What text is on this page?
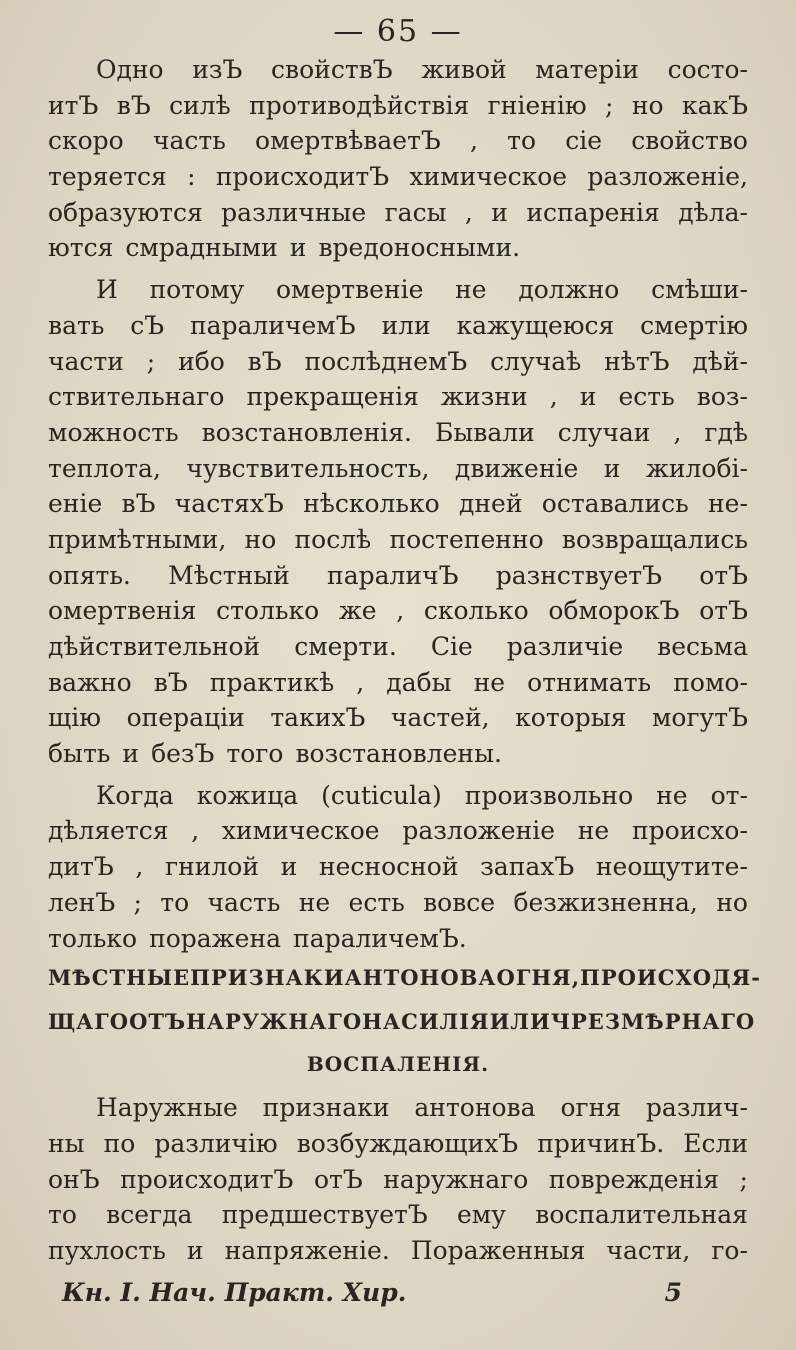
— 65 —
Одно изЪ свойствЪ живой матеріи состо-
итЪ вЪ силѣ противодѣйствія гніенію ; но какЪ
скоро часть омертвѣваетЪ , то сіе свойство
теряется : происходитЪ химическое разложеніе,
образуются различные гасы , и испаренія дѣла-
ются смрадными и вредоносными.
И потому омертвеніе не должно смѣши-
вать сЪ параличемЪ или кажущеюся смертію
части ; ибо вЪ послѣднемЪ случаѣ нѣтЪ дѣй-
ствительнаго прекращенія жизни , и есть воз-
можность возстановленія. Бывали случаи , гдѣ
теплота, чувствительность, движеніе и жилобі-
еніе вЪ частяхЪ нѣсколько дней оставались не-
примѣтными, но послѣ постепенно возвращались
опять. Мѣстный параличЪ разнствуетЪ отЪ
омертвенія столько же , сколько обморокЪ отЪ
дѣйствительной смерти. Сіе различіе весьма
важно вЪ практикѣ , дабы не отнимать помо-
щію операціи такихЪ частей, которыя могутЪ
быть и безЪ того возстановлены.
Когда кожица (cuticula) произвольно не от-
дѣляется , химическое разложеніе не происхо-
дитЪ , гнилой и несносной запахЪ неощутите-
ленЪ ; то часть не есть вовсе безжизненна, но
только поражена параличемЪ.
МѢСТНЫЕ ПРИЗНАКИ АНТОНОВА ОГНЯ , ПРОИСХОДЯ-
ЩАГО ОТЪ НАРУЖНАГО НАСИЛІЯ ИЛИ ЧРЕЗМѢРНАГО
ВОСПАЛЕНІЯ.
Наружные признаки антонова огня различ-
ны по различію возбуждающихЪ причинЪ. Если
онЪ происходитЪ отЪ наружнаго поврежденія ;
то всегда предшествуетЪ ему воспалительная
пухлость и напряженіе. Пораженныя части, го-
Кн. I. Нач. Практ. Хир.	5
